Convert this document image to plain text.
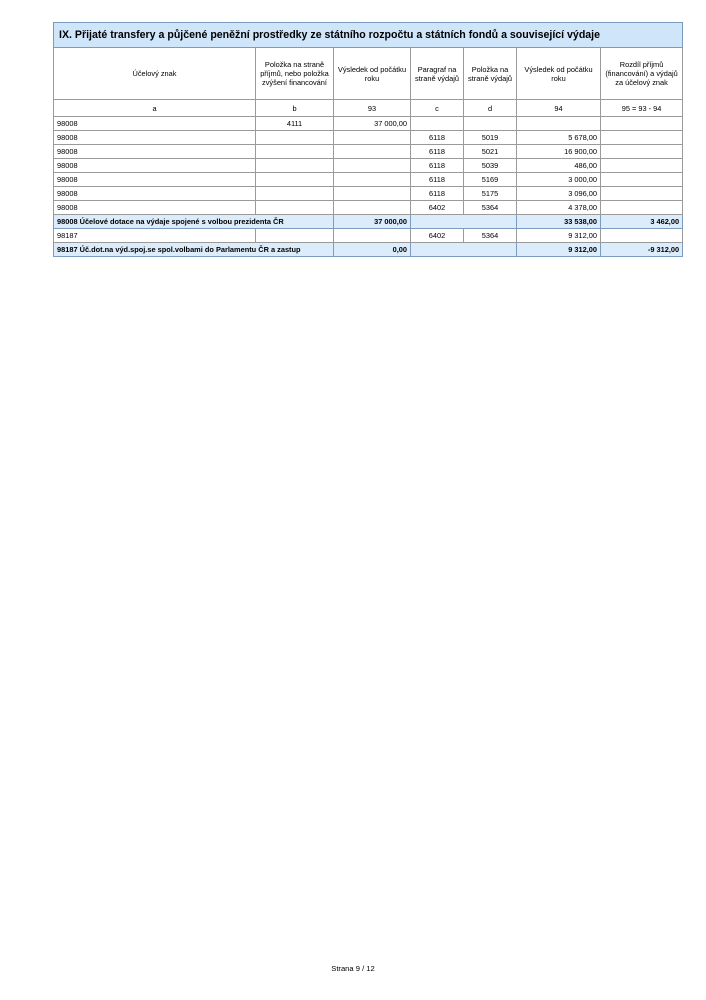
IX. Přijaté transfery a půjčené peněžní prostředky ze státního rozpočtu a státních fondů a související výdaje						
Účelový znak	Položka na straně příjmů, nebo položka zvýšení financování	Výsledek od počátku roku	Paragraf na straně výdajů	Položka na straně výdajů	Výsledek od počátku roku	Rozdíl příjmů (financování) a výdajů za účelový znak
a	b	93	c	d	94	95 = 93 - 94
98008	4111	37 000,00				
98008			6118	5019	5 678,00	
98008			6118	5021	16 900,00	
98008			6118	5039	486,00	
98008			6118	5169	3 000,00	
98008			6118	5175	3 096,00	
98008			6402	5364	4 378,00	
98008 Účelové dotace na výdaje spojené s volbou prezidenta ČR		37 000,00			33 538,00	3 462,00
98187			6402	5364	9 312,00	
98187 Úč.dot.na výd.spoj.se spol.volbami do Parlamentu ČR a zastup		0,00			9 312,00	-9 312,00
Strana 9 / 12
